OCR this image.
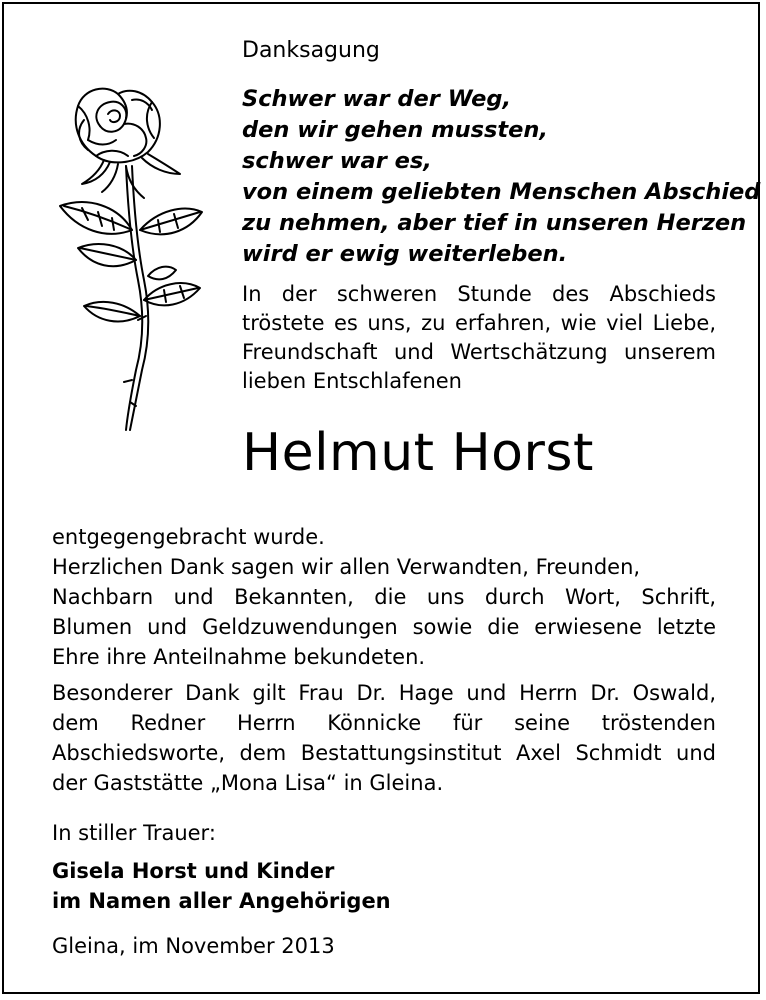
Danksagung
Schwer war der Weg,
den wir gehen mussten,
schwer war es,
von einem geliebten Menschen Abschied
zu nehmen, aber tief in unseren Herzen
wird er ewig weiterleben.
In der schweren Stunde des Abschieds
tröstete es uns, zu erfahren, wie viel Liebe,
Freundschaft und Wertschätzung unserem
lieben Entschlafenen
Helmut Horst
entgegengebracht wurde.
Herzlichen Dank sagen wir allen Verwandten, Freunden,
Nachbarn und Bekannten, die uns durch Wort, Schrift,
Blumen und Geldzuwendungen sowie die erwiesene letzte
Ehre ihre Anteilnahme bekundeten.
Besonderer Dank gilt Frau Dr. Hage und Herrn Dr. Oswald,
dem Redner Herrn Könnicke für seine tröstenden
Abschiedsworte, dem Bestattungsinstitut Axel Schmidt und
der Gaststätte „Mona Lisa“ in Gleina.
In stiller Trauer:
Gisela Horst und Kinder
im Namen aller Angehörigen
Gleina, im November 2013
